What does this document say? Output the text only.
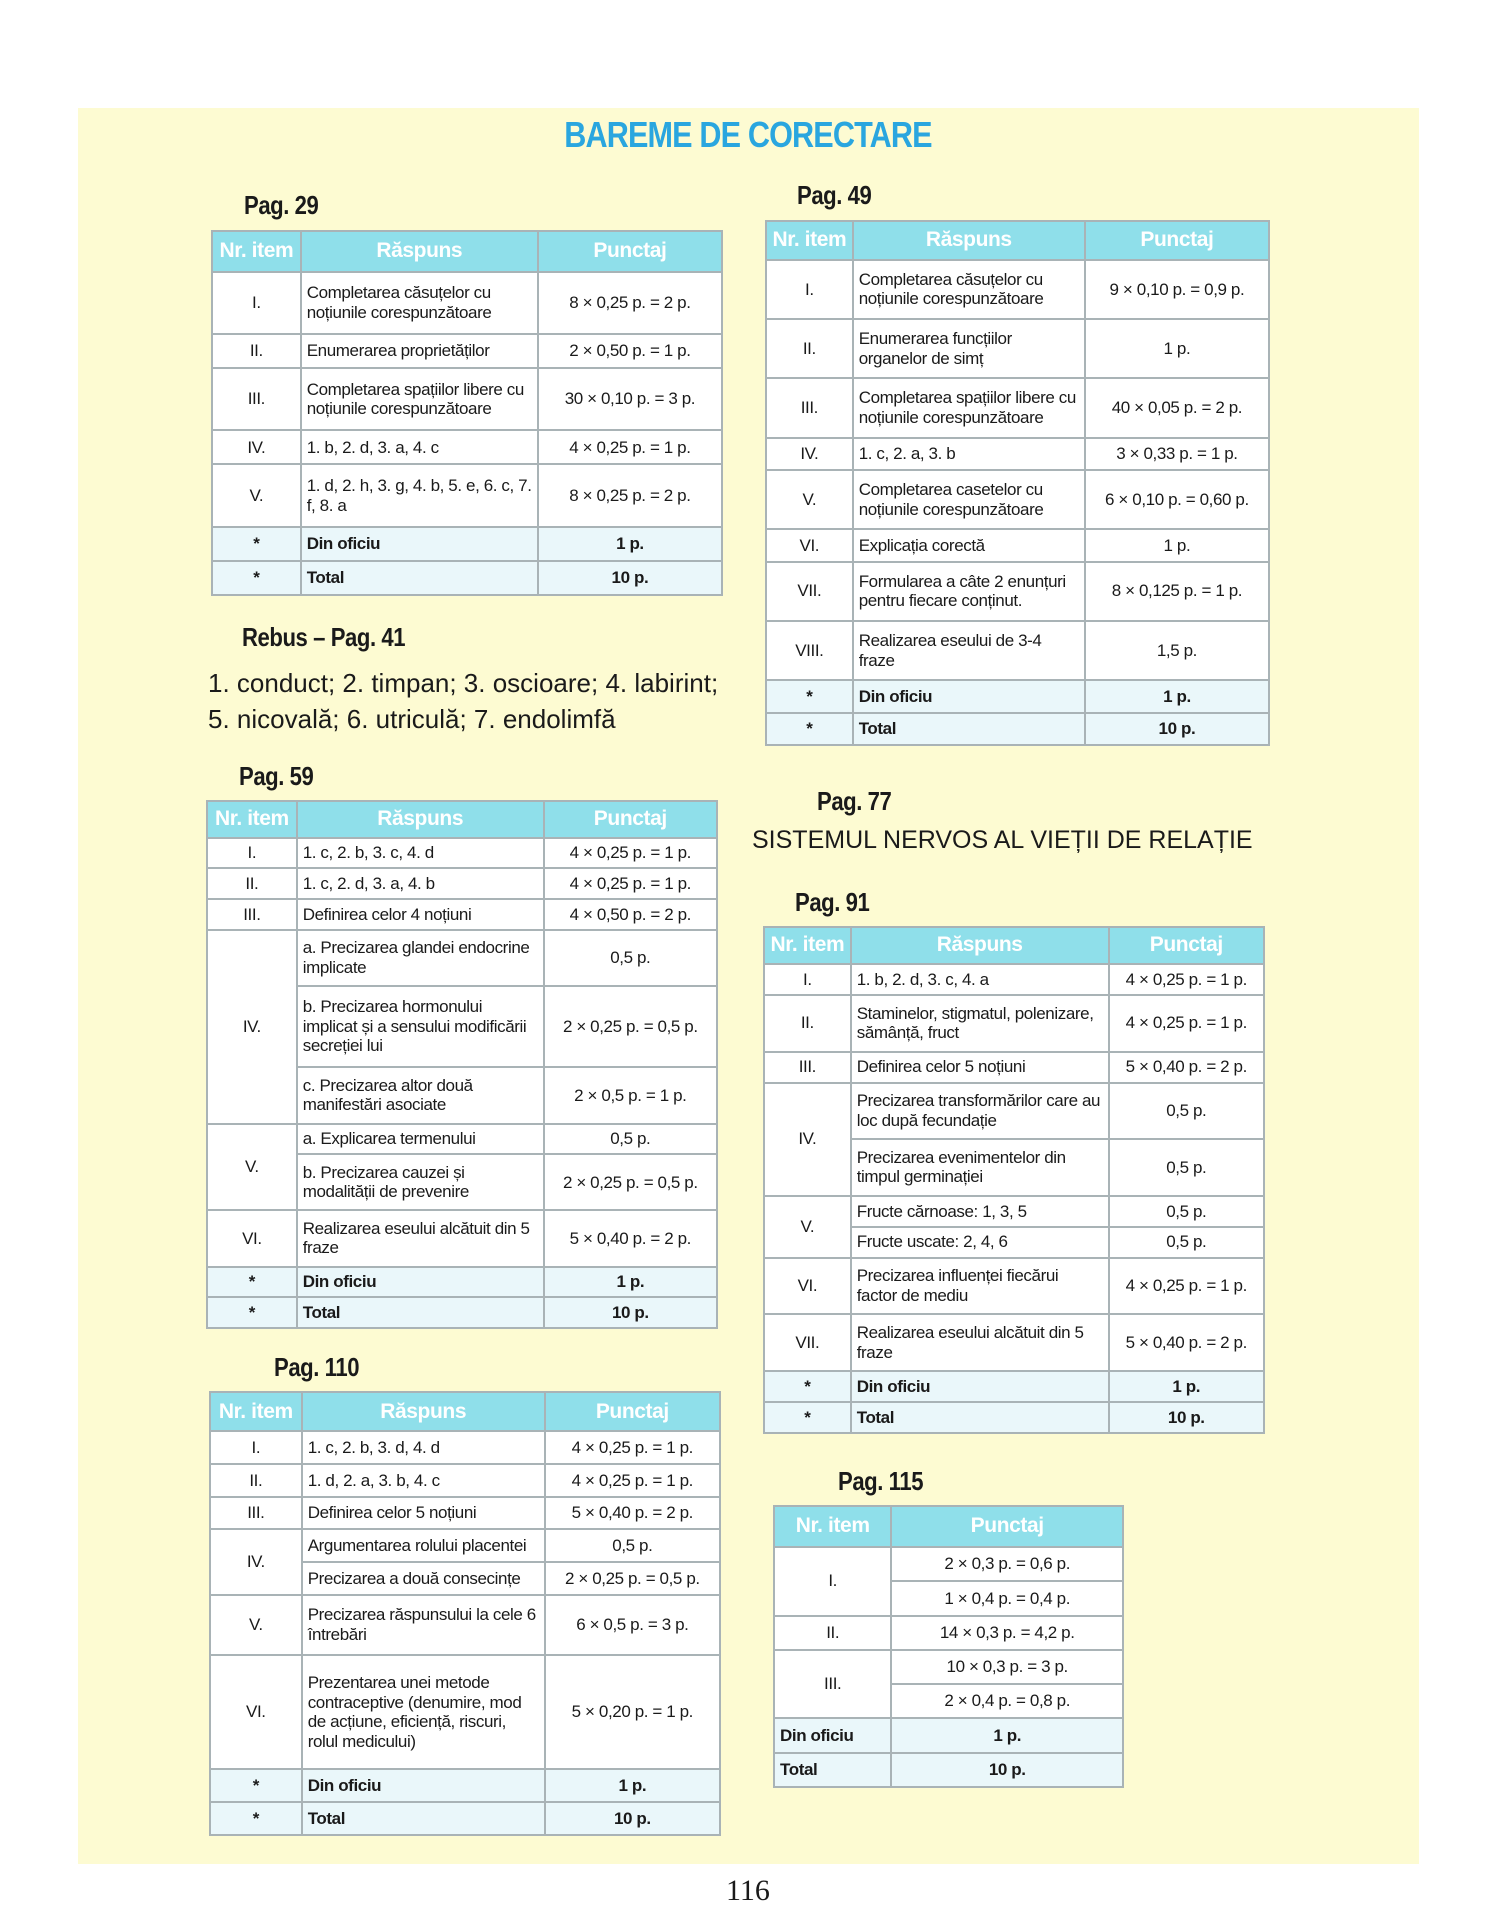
BAREME DE CORECTARE
Rebus – Pag. 41
1. conduct; 2. timpan; 3. oscioare; 4. labirint;
5. nicovală; 6. utriculă; 7. endolimfă
Pag. 77
SISTEMUL NERVOS AL VIEȚII DE RELAȚIE
Pag. 29
Nr. item	Răspuns	Punctaj
I.	Completarea căsuțelor cu noțiunile corespunzătoare	8 × 0,25 p. = 2 p.
II.	Enumerarea proprietăților	2 × 0,50 p. = 1 p.
III.	Completarea spațiilor libere cu noțiunile corespunzătoare	30 × 0,10 p. = 3 p.
IV.	1. b, 2. d, 3. a, 4. c	4 × 0,25 p. = 1 p.
V.	1. d, 2. h, 3. g, 4. b, 5. e, 6. c, 7. f, 8. a	8 × 0,25 p. = 2 p.
*	Din oficiu	1 p.
*	Total	10 p.
Pag. 49
Nr. item	Răspuns	Punctaj
I.	Completarea căsuțelor cu noțiunile corespunzătoare	9 × 0,10 p. = 0,9 p.
II.	Enumerarea funcțiilor organelor de simț	1 p.
III.	Completarea spațiilor libere cu noțiunile corespunzătoare	40 × 0,05 p. = 2 p.
IV.	1. c, 2. a, 3. b	3 × 0,33 p. = 1 p.
V.	Completarea casetelor cu noțiunile corespunzătoare	6 × 0,10 p. = 0,60 p.
VI.	Explicația corectă	1 p.
VII.	Formularea a câte 2 enunțuri pentru fiecare conținut.	8 × 0,125 p. = 1 p.
VIII.	Realizarea eseului de 3-4 fraze	1,5 p.
*	Din oficiu	1 p.
*	Total	10 p.
Pag. 59
Nr. item	Răspuns	Punctaj
I.	1. c, 2. b, 3. c, 4. d	4 × 0,25 p. = 1 p.
II.	1. c, 2. d, 3. a, 4. b	4 × 0,25 p. = 1 p.
III.	Definirea celor 4 noțiuni	4 × 0,50 p. = 2 p.
IV.	a. Precizarea glandei endocrine implicate	0,5 p.
	b. Precizarea hormonului implicat și a sensului modificării secreției lui	2 × 0,25 p. = 0,5 p.
	c. Precizarea altor două manifestări asociate	2 × 0,5 p. = 1 p.
V.	a. Explicarea termenului	0,5 p.
	b. Precizarea cauzei și modalității de prevenire	2 × 0,25 p. = 0,5 p.
VI.	Realizarea eseului alcătuit din 5 fraze	5 × 0,40 p. = 2 p.
*	Din oficiu	1 p.
*	Total	10 p.
Pag. 91
Nr. item	Răspuns	Punctaj
I.	1. b, 2. d, 3. c, 4. a	4 × 0,25 p. = 1 p.
II.	Staminelor, stigmatul, polenizare, sămânță, fruct	4 × 0,25 p. = 1 p.
III.	Definirea celor 5 noțiuni	5 × 0,40 p. = 2 p.
IV.	Precizarea transformărilor care au loc după fecundație	0,5 p.
	Precizarea evenimentelor din timpul germinației	0,5 p.
V.	Fructe cărnoase: 1, 3, 5	0,5 p.
	Fructe uscate: 2, 4, 6	0,5 p.
VI.	Precizarea influenței fiecărui factor de mediu	4 × 0,25 p. = 1 p.
VII.	Realizarea eseului alcătuit din 5 fraze	5 × 0,40 p. = 2 p.
*	Din oficiu	1 p.
*	Total	10 p.
Pag. 110
Nr. item	Răspuns	Punctaj
I.	1. c, 2. b, 3. d, 4. d	4 × 0,25 p. = 1 p.
II.	1. d, 2. a, 3. b, 4. c	4 × 0,25 p. = 1 p.
III.	Definirea celor 5 noțiuni	5 × 0,40 p. = 2 p.
IV.	Argumentarea rolului placentei	0,5 p.
	Precizarea a două consecințe	2 × 0,25 p. = 0,5 p.
V.	Precizarea răspunsului la cele 6 întrebări	6 × 0,5 p. = 3 p.
VI.	Prezentarea unei metode contraceptive (denumire, mod de acțiune, eficiență, riscuri, rolul medicului)	5 × 0,20 p. = 1 p.
*	Din oficiu	1 p.
*	Total	10 p.
Pag. 115
Nr. item	Punctaj
I.	2 × 0,3 p. = 0,6 p.
	1 × 0,4 p. = 0,4 p.
II.	14 × 0,3 p. = 4,2 p.
III.	10 × 0,3 p. = 3 p.
	2 × 0,4 p. = 0,8 p.
Din oficiu	1 p.
Total	10 p.
116
